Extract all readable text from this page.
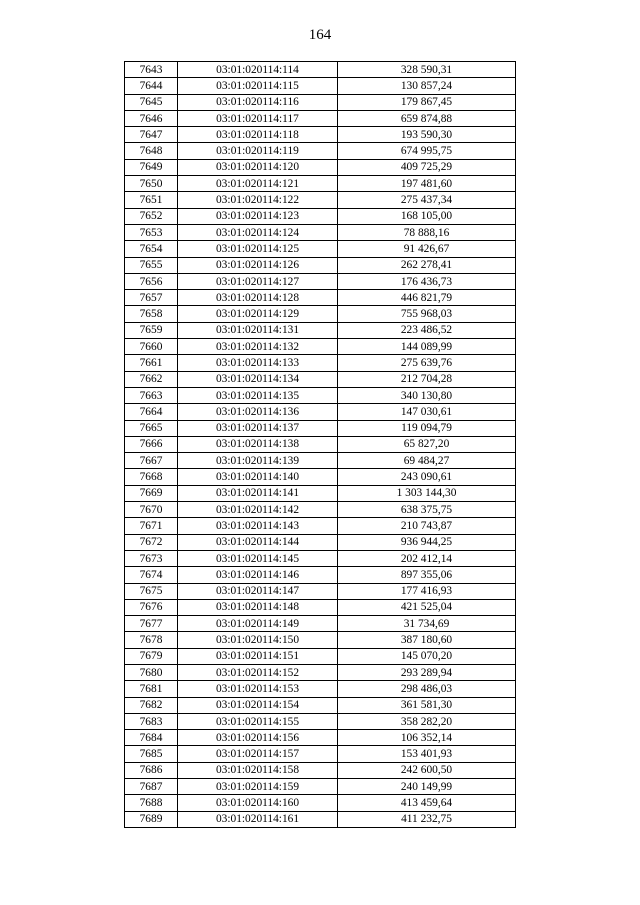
164
7643	03:01:020114:114	328 590,31
7644	03:01:020114:115	130 857,24
7645	03:01:020114:116	179 867,45
7646	03:01:020114:117	659 874,88
7647	03:01:020114:118	193 590,30
7648	03:01:020114:119	674 995,75
7649	03:01:020114:120	409 725,29
7650	03:01:020114:121	197 481,60
7651	03:01:020114:122	275 437,34
7652	03:01:020114:123	168 105,00
7653	03:01:020114:124	78 888,16
7654	03:01:020114:125	91 426,67
7655	03:01:020114:126	262 278,41
7656	03:01:020114:127	176 436,73
7657	03:01:020114:128	446 821,79
7658	03:01:020114:129	755 968,03
7659	03:01:020114:131	223 486,52
7660	03:01:020114:132	144 089,99
7661	03:01:020114:133	275 639,76
7662	03:01:020114:134	212 704,28
7663	03:01:020114:135	340 130,80
7664	03:01:020114:136	147 030,61
7665	03:01:020114:137	119 094,79
7666	03:01:020114:138	65 827,20
7667	03:01:020114:139	69 484,27
7668	03:01:020114:140	243 090,61
7669	03:01:020114:141	1 303 144,30
7670	03:01:020114:142	638 375,75
7671	03:01:020114:143	210 743,87
7672	03:01:020114:144	936 944,25
7673	03:01:020114:145	202 412,14
7674	03:01:020114:146	897 355,06
7675	03:01:020114:147	177 416,93
7676	03:01:020114:148	421 525,04
7677	03:01:020114:149	31 734,69
7678	03:01:020114:150	387 180,60
7679	03:01:020114:151	145 070,20
7680	03:01:020114:152	293 289,94
7681	03:01:020114:153	298 486,03
7682	03:01:020114:154	361 581,30
7683	03:01:020114:155	358 282,20
7684	03:01:020114:156	106 352,14
7685	03:01:020114:157	153 401,93
7686	03:01:020114:158	242 600,50
7687	03:01:020114:159	240 149,99
7688	03:01:020114:160	413 459,64
7689	03:01:020114:161	411 232,75
